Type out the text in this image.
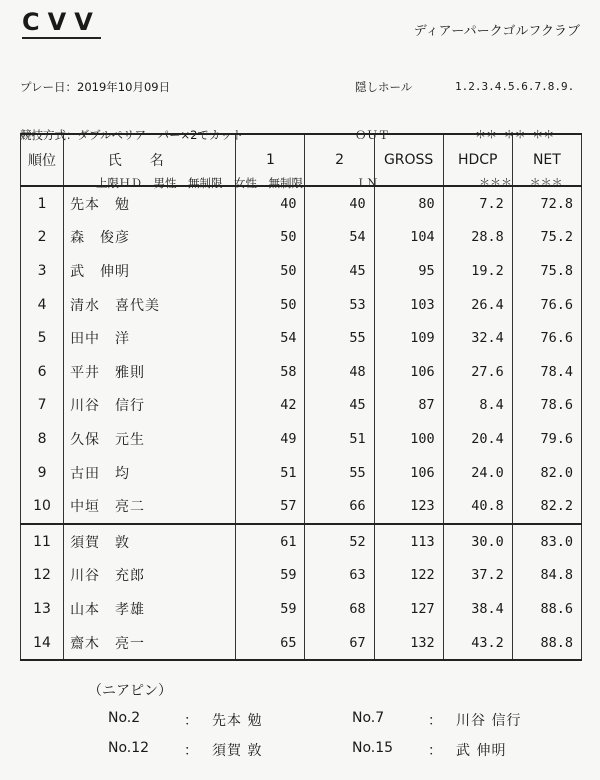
CVV	ディアーパークゴルフクラブ

プレー日：2019年10月09日

競技方式：ダブルペリア　パー×2でカット

上限ＨＤ　男性　無制限　女性　無制限

隠しホール	1.2.3.4.5.6.7.8.9.

ＯＵＴ	＊＊ ＊＊ ＊＊

ＩＮ	＊＊＊　 ＊＊＊

順位	氏名	1	2	GROSS	HDCP	NET
1	先本　勉	40	40	80	7.2	72.8
2	森　俊彦	50	54	104	28.8	75.2
3	武　伸明	50	45	95	19.2	75.8
4	清水　喜代美	50	53	103	26.4	76.6
5	田中　洋	54	55	109	32.4	76.6
6	平井　雅則	58	48	106	27.6	78.4
7	川谷　信行	42	45	87	8.4	78.6
8	久保　元生	49	51	100	20.4	79.6
9	古田　均	51	55	106	24.0	82.0
10	中垣　亮二	57	66	123	40.8	82.2
11	須賀　敦	61	52	113	30.0	83.0
12	川谷　充郎	59	63	122	37.2	84.8
13	山本　孝雄	59	68	127	38.4	88.6
14	齋木　亮一	65	67	132	43.2	88.8
（ニアピン）
No.2	：	先本 勉	No.7	：	川谷 信行
No.12	：	須賀 敦	No.15	：	武 伸明
